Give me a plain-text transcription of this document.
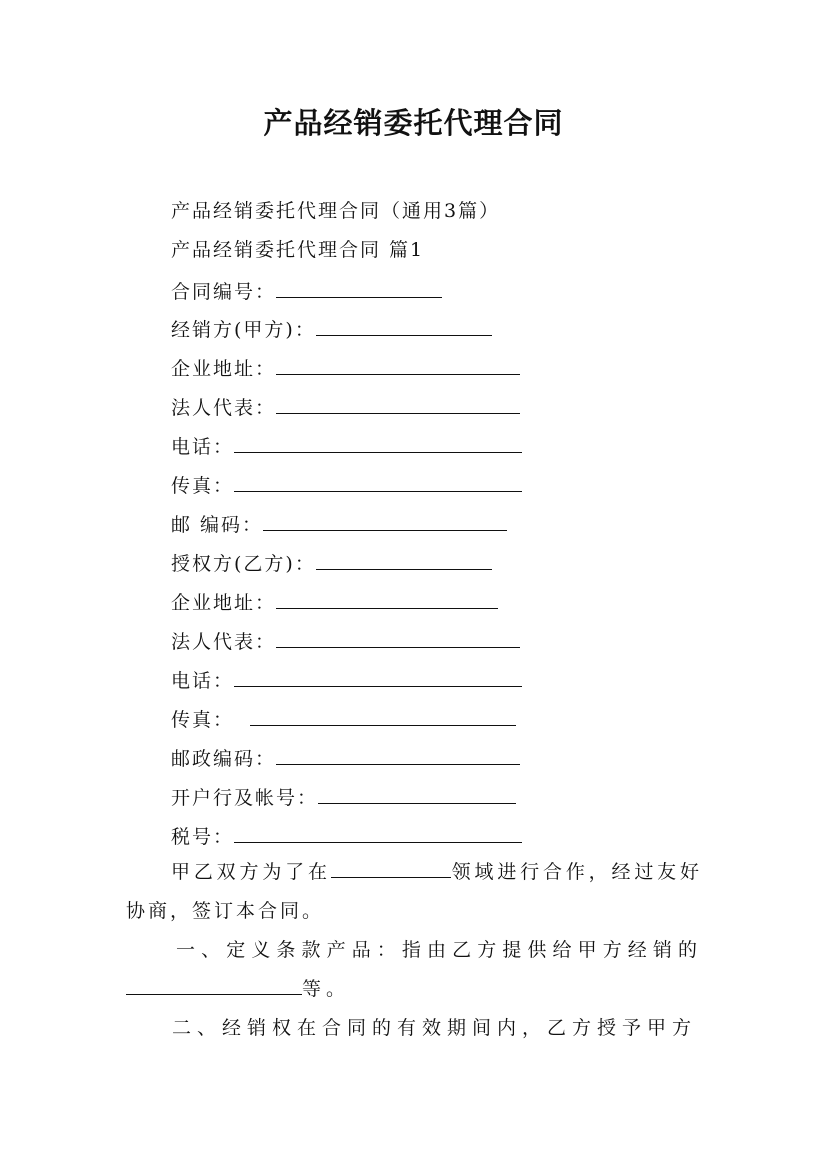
产品经销委托代理合同
产品经销委托代理合同（通用3篇）
产品经销委托代理合同 篇1
合同编号：
经销方(甲方)：
企业地址：
法人代表：
电话：
传真：
邮 编码：
授权方(乙方)：
企业地址：
法人代表：
电话：
传真：
邮政编码：
开户行及帐号：
税号：
甲乙双方为了在	领域进行合作，经过友好协商，签订本合同。
一、定义条款产品：指由乙方提供给甲方经销的等。
二、经销权在合同的有效期间内，乙方授予甲方
